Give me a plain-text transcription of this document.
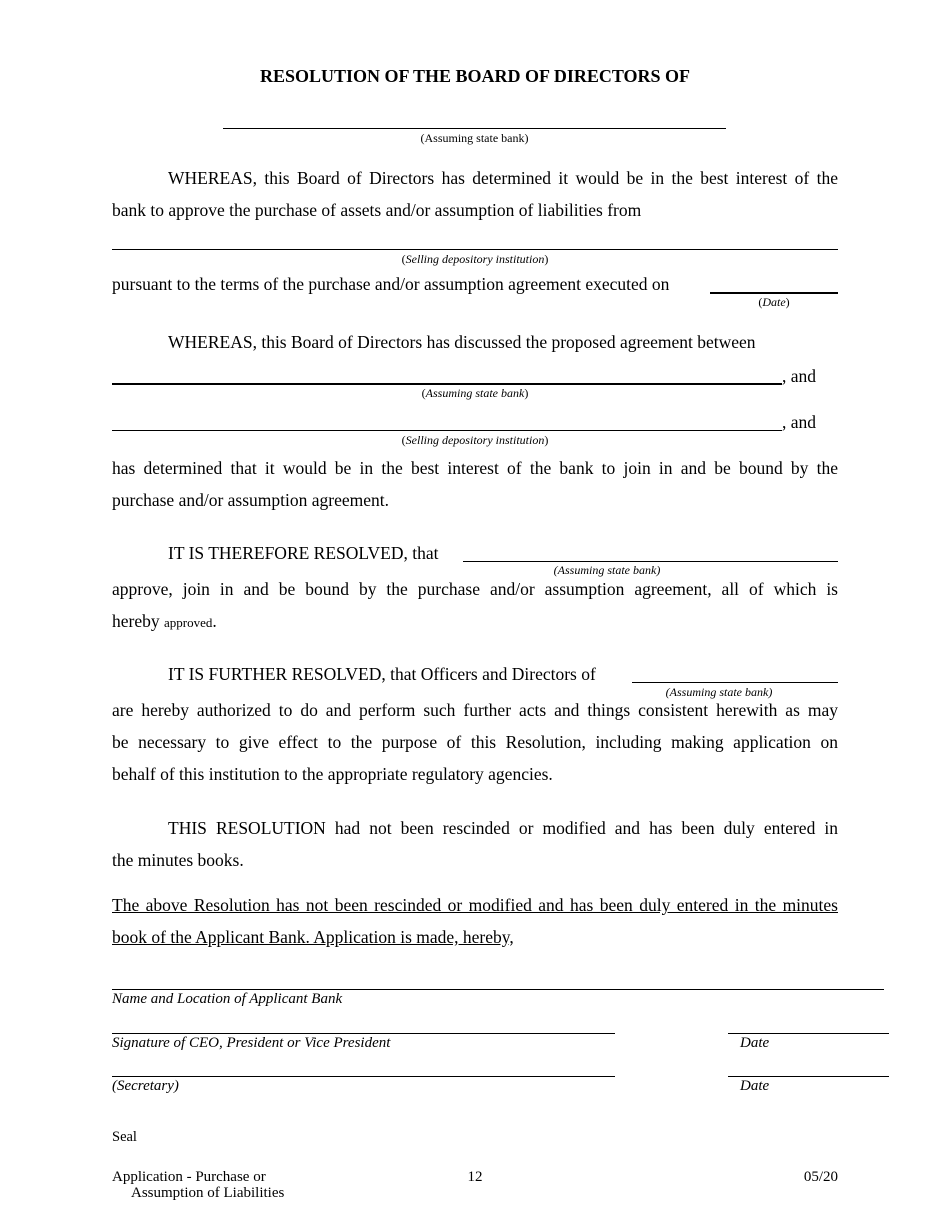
RESOLUTION OF THE BOARD OF DIRECTORS OF
(Assuming state bank)
WHEREAS, this Board of Directors has determined it would be in the best interest of the
bank to approve the purchase of assets and/or assumption of liabilities from
(Selling depository institution)
pursuant to the terms of the purchase and/or assumption agreement executed on
(Date)
WHEREAS, this Board of Directors has discussed the proposed agreement between
, and
(Assuming state bank)
, and
(Selling depository institution)
has determined that it would be in the best interest of the bank to join in and be bound by the
purchase and/or assumption agreement.
IT IS THEREFORE RESOLVED, that
(Assuming state bank)
approve, join in and be bound by the purchase and/or assumption agreement, all of which is
hereby approved.
IT IS FURTHER RESOLVED, that Officers and Directors of
(Assuming state bank)
are hereby authorized to do and perform such further acts and things consistent herewith as may
be necessary to give effect to the purpose of this Resolution, including making application on
behalf of this institution to the appropriate regulatory agencies.
THIS RESOLUTION had not been rescinded or modified and has been duly entered in
the minutes books.
The above Resolution has not been rescinded or modified and has been duly entered in the minutes
book of the Applicant Bank. Application is made, hereby,
Name and Location of Applicant Bank
Signature of CEO, President or Vice President	Date
(Secretary)	Date
Seal
Application - Purchase or
Assumption of Liabilities
12	05/20
